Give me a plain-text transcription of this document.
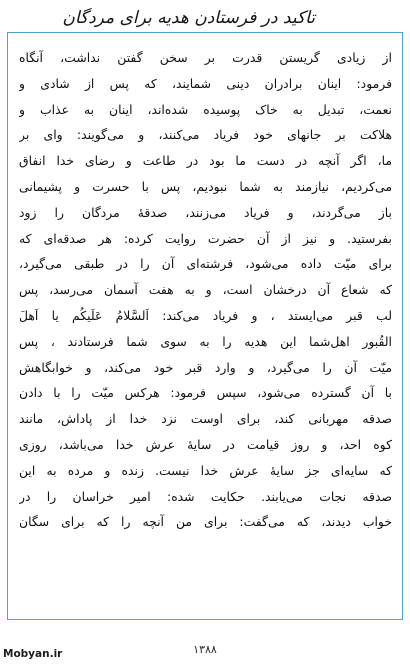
تاکید در فرستادن هدیه برای مردگان
از زیادی گریستن قدرت بر سخن گفتن نداشت، آنگاه
فرمود: اینان برادران دینی شمایند، که پس از شادی و
نعمت، تبدیل به خاک پوسیده شده‌اند، اینان به عذاب و
هلاکت بر جانهای خود فریاد می‌کنند، و می‌گویند: وای بر
ما، اگر آنچه در دست ما بود در طاعت و رضای خدا انفاق
می‌کردیم، نیازمند به شما نبودیم، پس با حسرت و پشیمانی
باز می‌گردند، و فریاد می‌زنند، صدقهٔ مردگان را زود
بفرستید. و نیز از آن حضرت روایت کرده: هر صدقه‌ای که
برای میّت داده می‌شود، فرشته‌ای آن را در طبقی می‌گیرد،
که شعاع آن درخشان است، و به هفت آسمان می‌رسد، پس
لب قبر می‌ایستد ، و فریاد می‌کند: اَلسَّلامُ عَلَیکُم یا اَهلَ
القُبور اهل‌شما این هدیه را به سوی شما فرستادند ، پس
میّت آن را می‌گیرد، و وارد قبر خود می‌کند، و خوابگاهش
با آن گسترده می‌شود، سپس فرمود: هرکس میّت را با دادن
صدقه مهربانی کند، برای اوست نزد خدا از پاداش، مانند
کوه احد، و روز قیامت در سایهٔ عرش خدا می‌باشد، روزی
که سایه‌ای جز سایهٔ عرش خدا نیست. زنده و مرده به این
صدقه نجات می‌یابند. حکایت شده: امیر خراسان را در
خواب دیدند، که می‌گفت: برای من آنچه را که برای سگان
Mobyan.ir	۱۳۸۸
